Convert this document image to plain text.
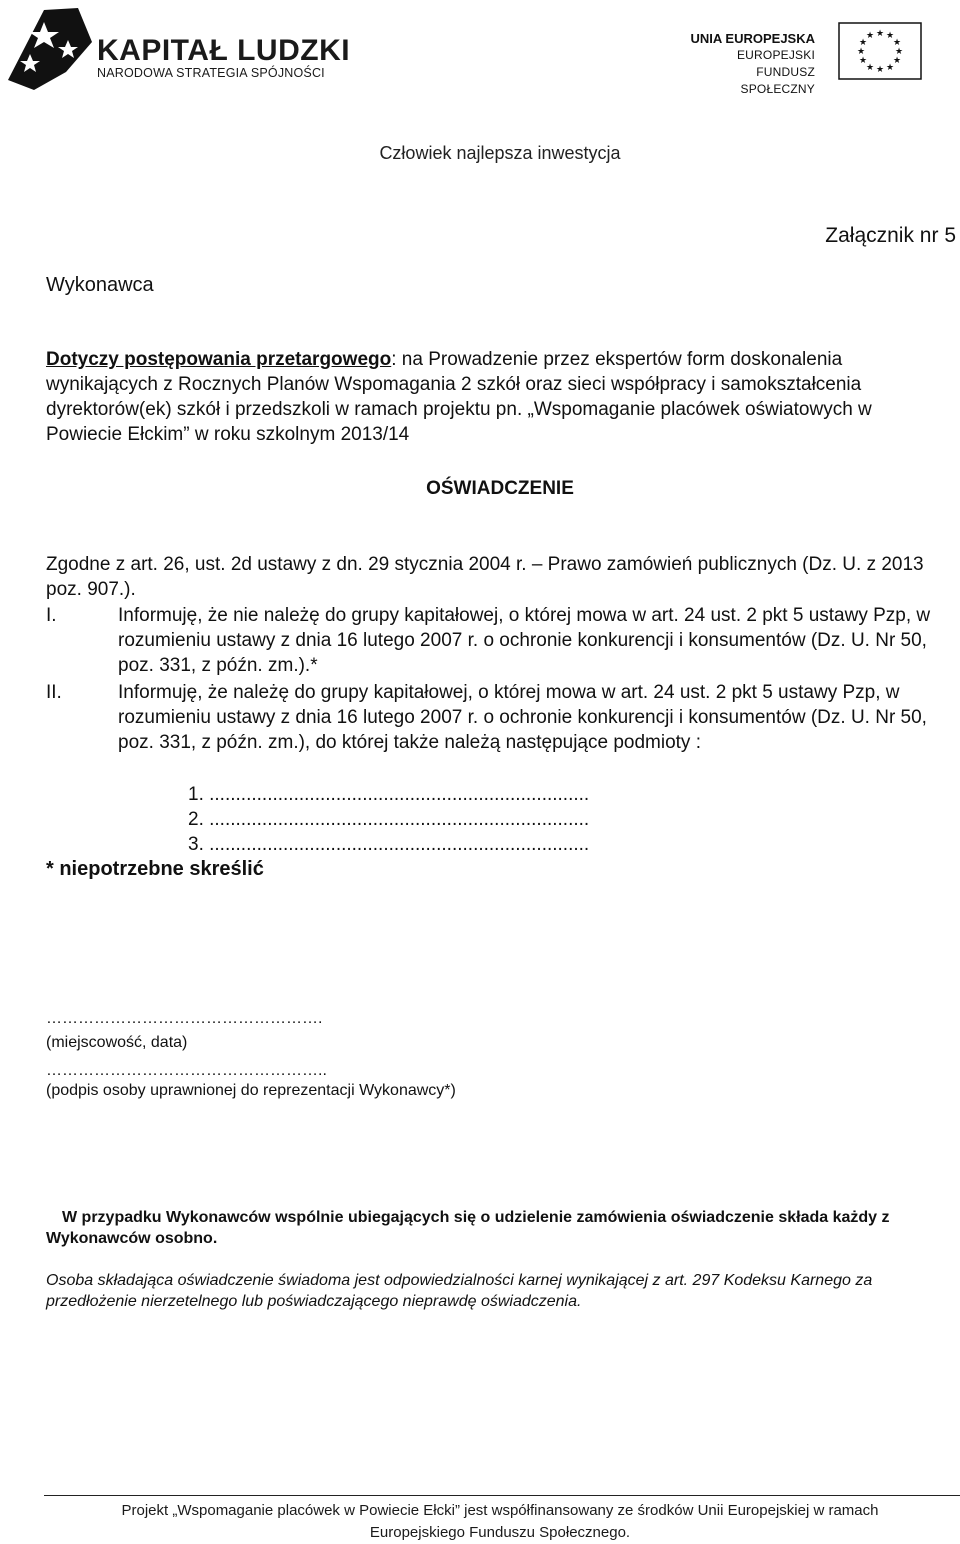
KAPITAŁ LUDZKI
NARODOWA STRATEGIA SPÓJNOŚCI
UNIA EUROPEJSKA
EUROPEJSKI
FUNDUSZ SPOŁECZNY
★ ★
★
★
★
★
★
★
★
★
★
★
Człowiek najlepsza inwestycja
Załącznik nr 5
Wykonawca
Dotyczy postępowania przetargowego: na Prowadzenie przez ekspertów form doskonalenia wynikających z Rocznych Planów Wspomagania 2 szkół oraz sieci współpracy i samokształcenia dyrektorów(ek) szkół i przedszkoli w ramach projektu pn. „Wspomaganie placówek oświatowych w Powiecie Ełckim” w roku szkolnym 2013/14
OŚWIADCZENIE
Zgodne z art. 26, ust. 2d ustawy z dn. 29 stycznia 2004 r. – Prawo zamówień publicznych (Dz. U. z 2013 poz. 907.).
I.	Informuję, że nie należę do grupy kapitałowej, o której mowa w art. 24 ust. 2 pkt 5 ustawy Pzp, w rozumieniu ustawy z dnia 16 lutego 2007 r. o ochronie konkurencji i konsumentów (Dz. U. Nr 50, poz. 331, z późn. zm.).*
II.	Informuję, że należę do grupy kapitałowej, o której mowa w art. 24 ust. 2 pkt 5 ustawy Pzp, w rozumieniu ustawy z dnia 16 lutego 2007 r. o ochronie konkurencji i konsumentów (Dz. U. Nr 50, poz. 331, z późn. zm.), do której także należą następujące podmioty :
1. ........................................................................
2. ........................................................................
3. ........................................................................
* niepotrzebne skreślić
…………………………………………….
(miejscowość, data)
……………………………………………..
(podpis osoby uprawnionej do reprezentacji Wykonawcy*)
W przypadku Wykonawców wspólnie ubiegających się o udzielenie zamówienia oświadczenie składa każdy z Wykonawców osobno.
Osoba składająca oświadczenie świadoma jest odpowiedzialności karnej wynikającej z art. 297 Kodeksu Karnego za przedłożenie nierzetelnego lub poświadczającego nieprawdę oświadczenia.
Projekt „Wspomaganie placówek w Powiecie Ełcki” jest współfinansowany ze środków Unii Europejskiej w ramach
Europejskiego Funduszu Społecznego.
